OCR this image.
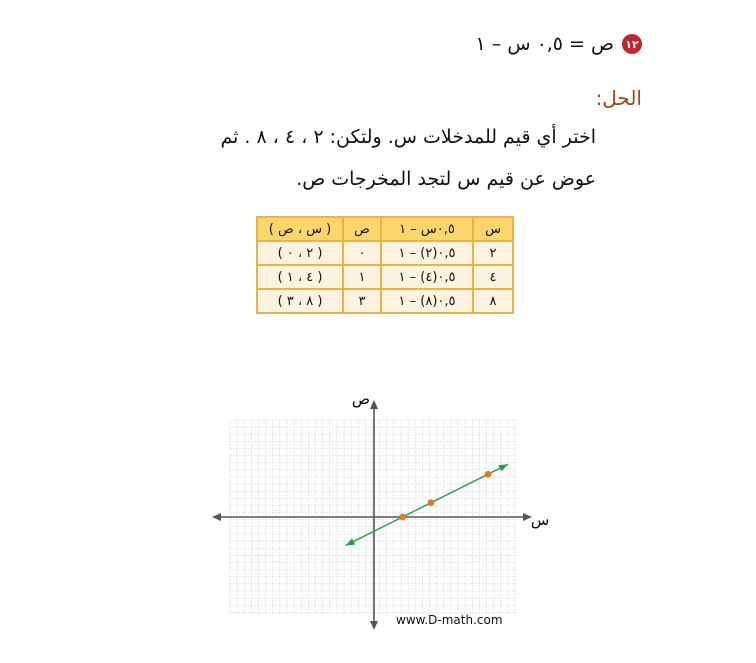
١٢
ص = ٠,٥ س – ١
الحل:
اختر أي قيم للمدخلات س. ولتكن: ٢ ، ٤ ، ٨ . ثم
عوض عن قيم س لتجد المخرجات ص.
س	٠,٥س – ١	ص	( س ، ص )
٢	٠,٥(٢) – ١	٠	( ٢ ، ٠ )
٤	٠,٥(٤) – ١	١	( ٤ ، ١ )
٨	٠,٥(٨) – ١	٣	( ٨ ، ٣ )
ص
س
www.D-math.com
